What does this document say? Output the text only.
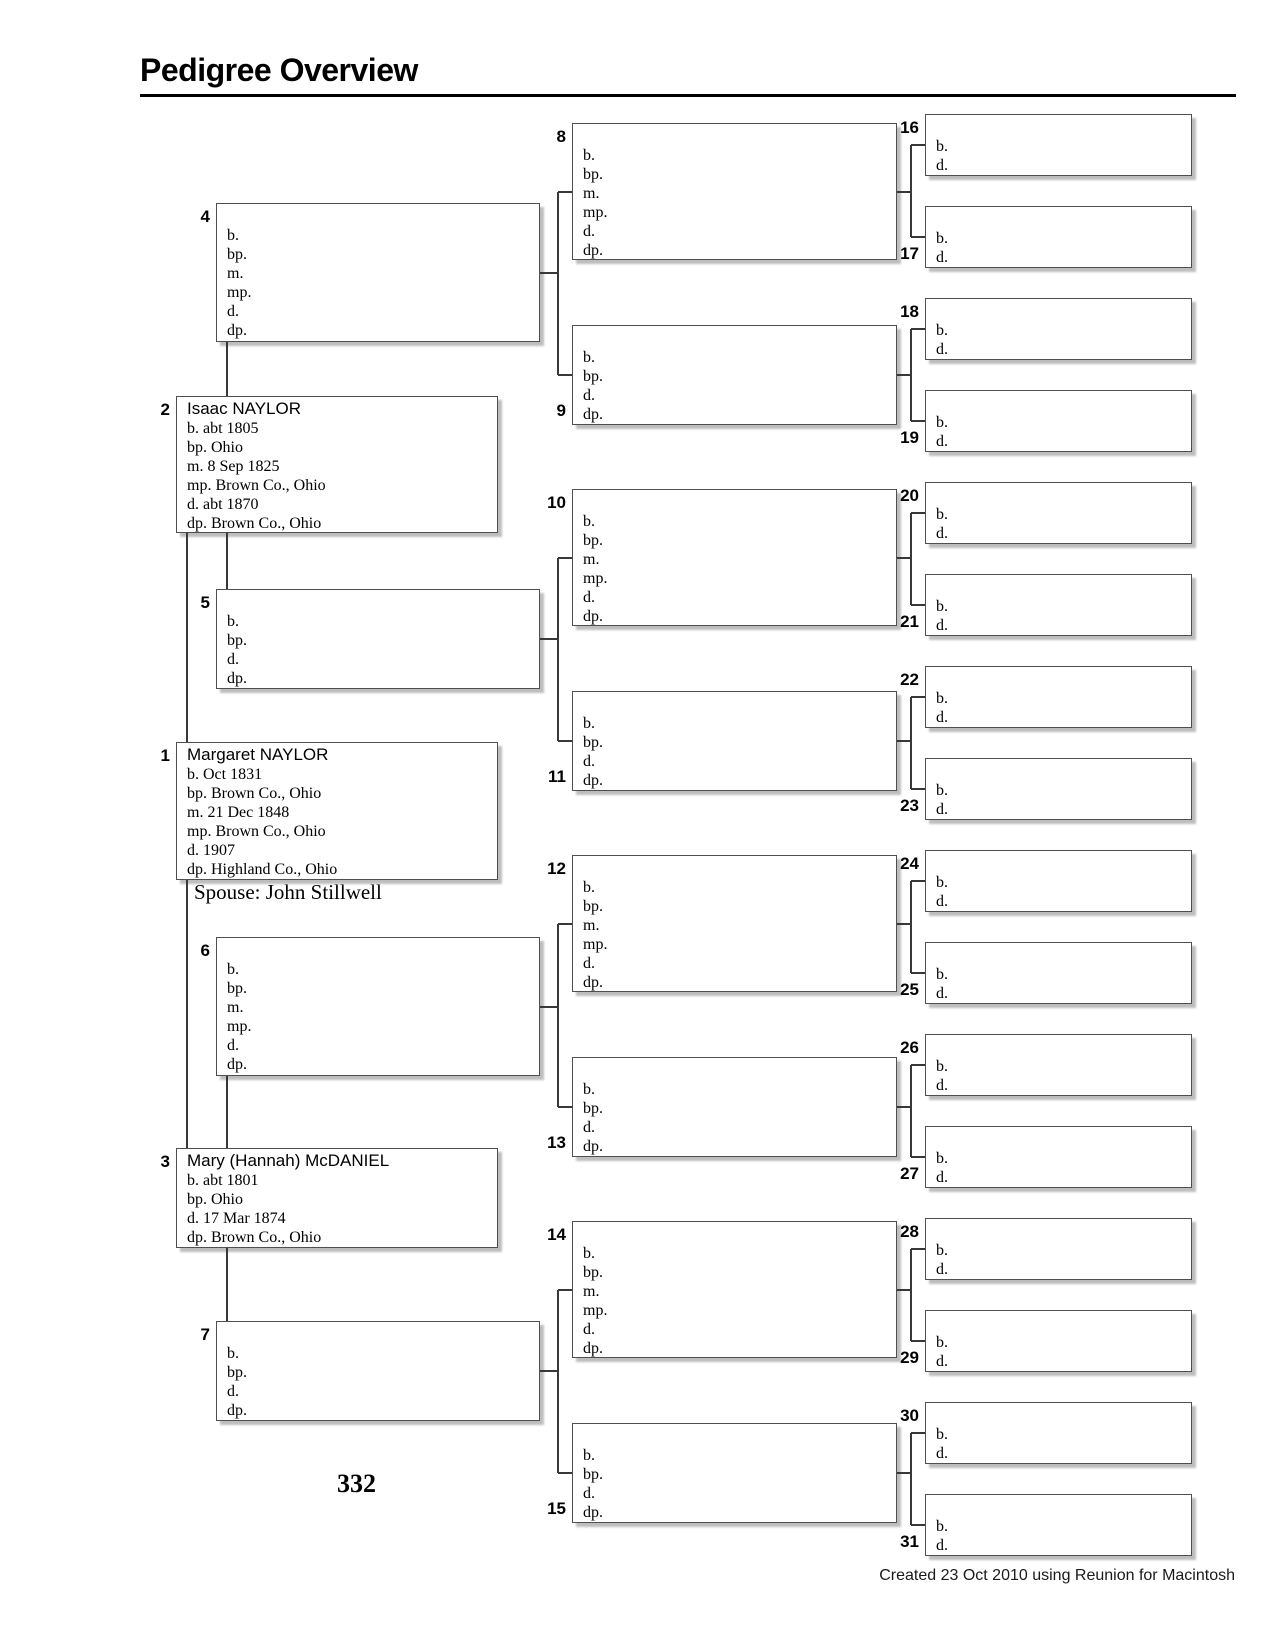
Pedigree Overview
Spouse: John Stillwell
332
Created 23 Oct 2010 using Reunion for Macintosh
1 Margaret NAYLOR
b. Oct 1831
bp. Brown Co., Ohio
m. 21 Dec 1848
mp. Brown Co., Ohio
d. 1907
dp. Highland Co., Ohio
2 Isaac NAYLOR
b. abt 1805
bp. Ohio
m. 8 Sep 1825
mp. Brown Co., Ohio
d. abt 1870
dp. Brown Co., Ohio
3 Mary (Hannah) McDANIEL
b. abt 1801
bp. Ohio
d. 17 Mar 1874
dp. Brown Co., Ohio
4
b.
bp.
m.
mp.
d.
dp.
5
b.
bp.
d.
dp.
6
b.
bp.
m.
mp.
d.
dp.
7
b.
bp.
d.
dp.
8
b.
bp.
m.
mp.
d.
dp.
9
b.
bp.
d.
dp.
10
b.
bp.
m.
mp.
d.
dp.
11
b.
bp.
d.
dp.
12
b.
bp.
m.
mp.
d.
dp.
13
b.
bp.
d.
dp.
14
b.
bp.
m.
mp.
d.
dp.
15
b.
bp.
d.
dp.
16
b.
d.
17
b.
d.
18
b.
d.
19
b.
d.
20
b.
d.
21
b.
d.
22
b.
d.
23
b.
d.
24
b.
d.
25
b.
d.
26
b.
d.
27
b.
d.
28
b.
d.
29
b.
d.
30
b.
d.
31
b.
d.
